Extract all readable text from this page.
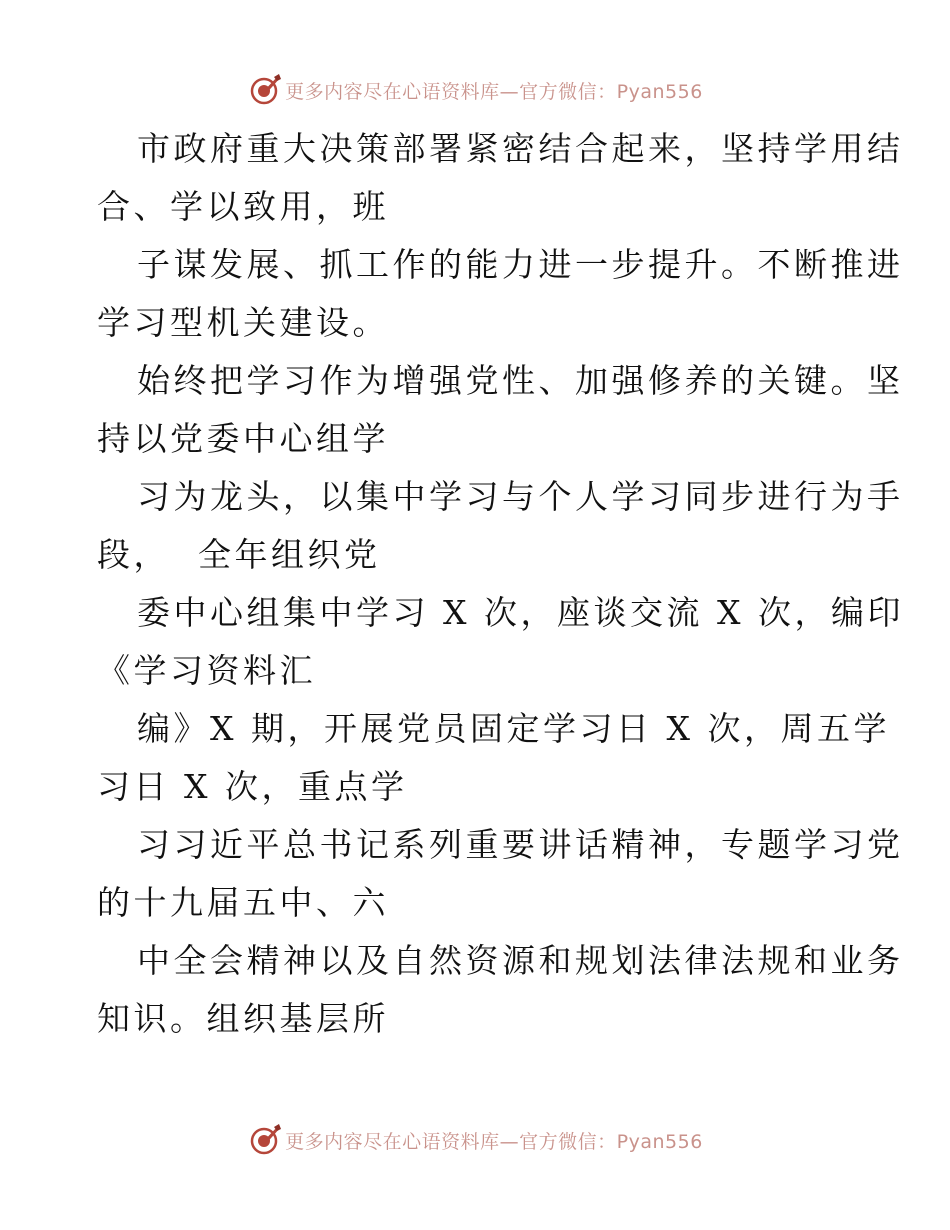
更多内容尽在心语资料库—官方微信：Pyan556
市政府重大决策部署紧密结合起来，坚持学用结
合、学以致用，班
子谋发展、抓工作的能力进一步提升。不断推进
学习型机关建设。
始终把学习作为增强党性、加强修养的关键。坚
持以党委中心组学
习为龙头，以集中学习与个人学习同步进行为手
段，  全年组织党
委中心组集中学习 X 次，座谈交流 X 次，编印
《学习资料汇
编》X 期，开展党员固定学习日 X 次，周五学
习日 X 次，重点学
习习近平总书记系列重要讲话精神，专题学习党
的十九届五中、六
中全会精神以及自然资源和规划法律法规和业务
知识。组织基层所
更多内容尽在心语资料库—官方微信：Pyan556
